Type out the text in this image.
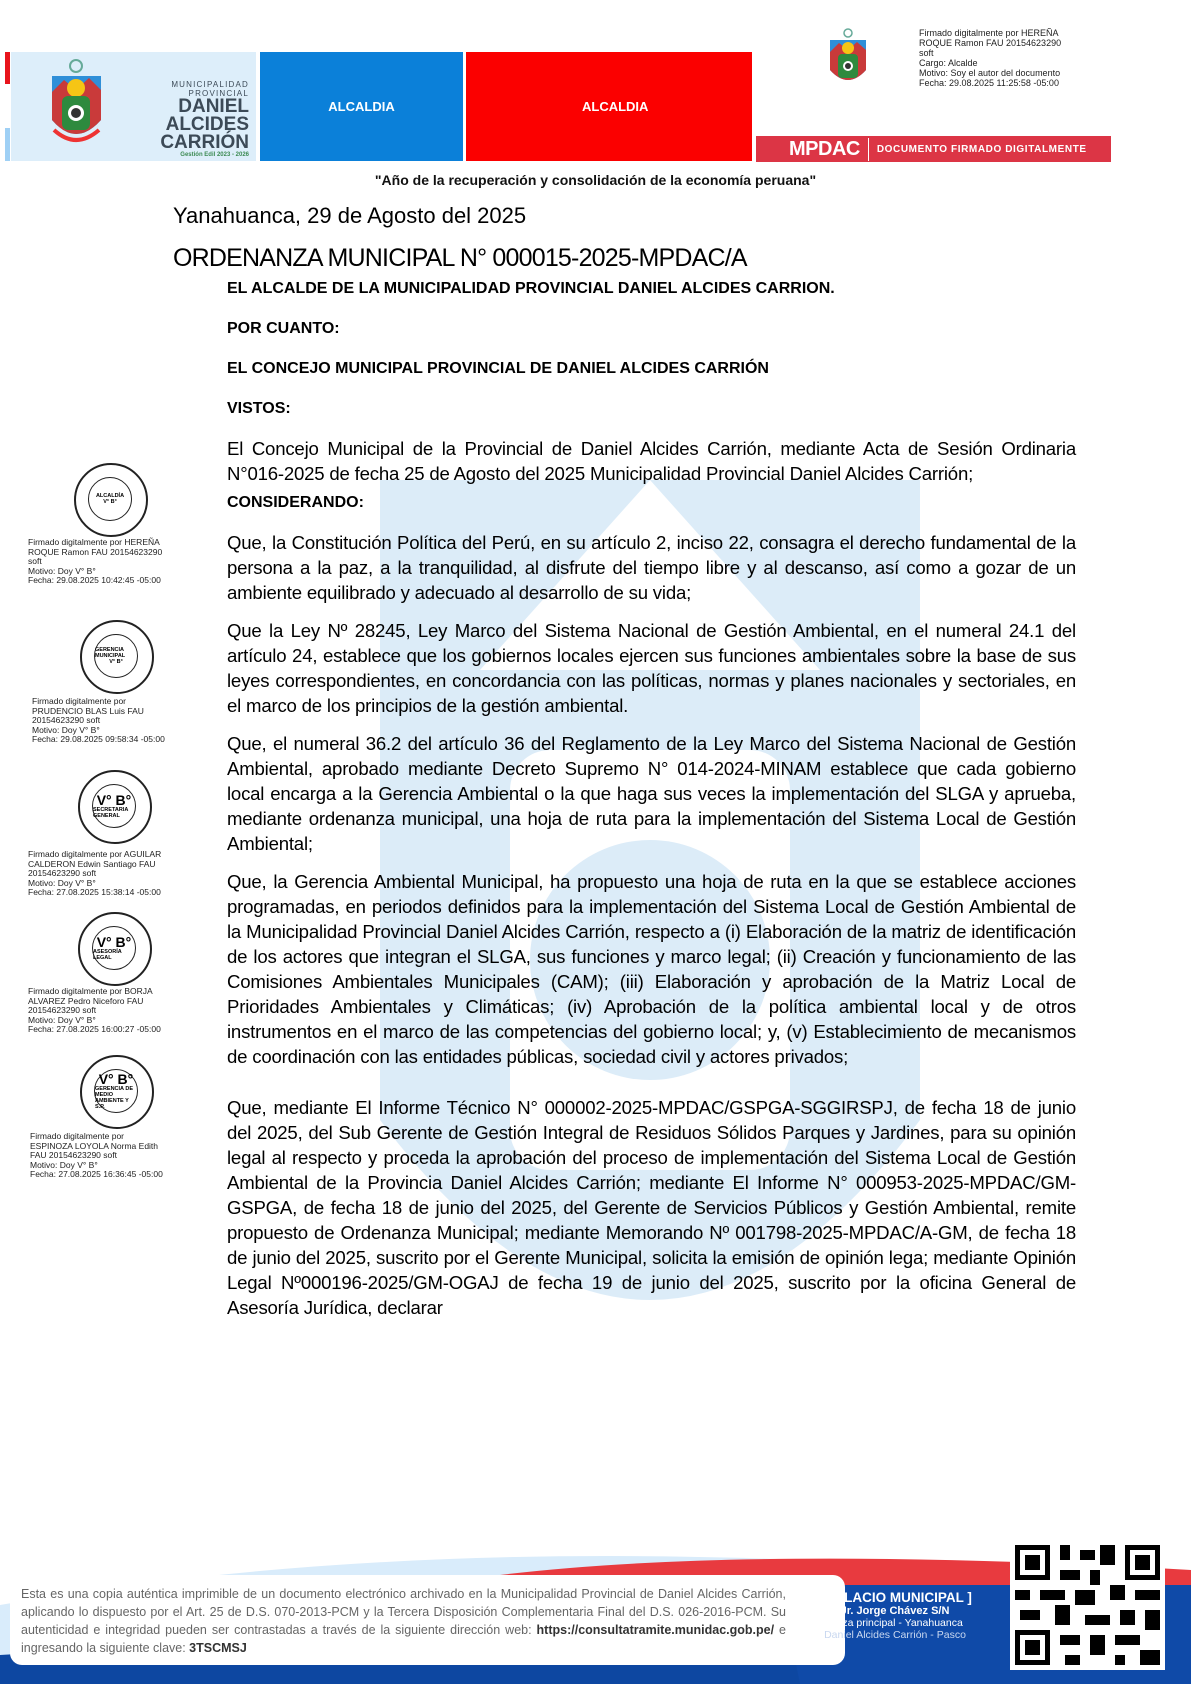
MUNICIPALIDAD PROVINCIAL
DANIEL ALCIDES
CARRIÓN
Gestión Edil 2023 - 2026
ALCALDIA	ALCALDIA
Firmado digitalmente por HEREÑA
ROQUE Ramon FAU 20154623290
soft
Cargo: Alcalde
Motivo: Soy el autor del documento
Fecha: 29.08.2025 11:25:58 -05:00
MPDAC	DOCUMENTO FIRMADO DIGITALMENTE
"Año de la recuperación y consolidación de la economía peruana"
Yanahuanca, 29 de Agosto del 2025
ORDENANZA MUNICIPAL N° 000015-2025-MPDAC/A

EL ALCALDE DE LA MUNICIPALIDAD PROVINCIAL DANIEL ALCIDES CARRION.

POR CUANTO:

EL CONCEJO MUNICIPAL PROVINCIAL DE DANIEL ALCIDES CARRIÓN

VISTOS:

El Concejo Municipal de la Provincial de Daniel Alcides Carrión, mediante Acta de Sesión Ordinaria N°016-2025 de fecha 25 de Agosto del 2025 Municipalidad Provincial Daniel Alcides Carrión;

CONSIDERANDO:

Que, la Constitución Política del Perú, en su artículo 2, inciso 22, consagra el derecho fundamental de la persona a la paz, a la tranquilidad, al disfrute del tiempo libre y al descanso, así como a gozar de un ambiente equilibrado y adecuado al desarrollo de su vida;

Que la Ley Nº 28245, Ley Marco del Sistema Nacional de Gestión Ambiental, en el numeral 24.1 del artículo 24, establece que los gobiernos locales ejercen sus funciones ambientales sobre la base de sus leyes correspondientes, en concordancia con las políticas, normas y planes nacionales y sectoriales, en el marco de los principios de la gestión ambiental.

Que, el numeral 36.2 del artículo 36 del Reglamento de la Ley Marco del Sistema Nacional de Gestión Ambiental, aprobado mediante Decreto Supremo N° 014-2024-MINAM establece que cada gobierno local encarga a la Gerencia Ambiental o la que haga sus veces la implementación del SLGA y aprueba, mediante ordenanza municipal, una hoja de ruta para la implementación del Sistema Local de Gestión Ambiental;

Que, la Gerencia Ambiental Municipal, ha propuesto una hoja de ruta en la que se establece acciones programadas, en periodos definidos para la implementación del Sistema Local de Gestión Ambiental de la Municipalidad Provincial Daniel Alcides Carrión, respecto a (i) Elaboración de la matriz de identificación de los actores que integran el SLGA, sus funciones y marco legal; (ii) Creación y funcionamiento de las Comisiones Ambientales Municipales (CAM); (iii) Elaboración y aprobación de la Matriz Local de Prioridades Ambientales y Climáticas; (iv) Aprobación de la política ambiental local y de otros instrumentos en el marco de las competencias del gobierno local; y, (v) Establecimiento de mecanismos de coordinación con las entidades públicas, sociedad civil y actores privados;

Que, mediante El Informe Técnico N° 000002-2025-MPDAC/GSPGA-SGGIRSPJ, de fecha 18 de junio del 2025, del Sub Gerente de Gestión Integral de Residuos Sólidos Parques y Jardines, para su opinión legal al respecto y proceda la aprobación del proceso de implementación del Sistema Local de Gestión Ambiental de la Provincia Daniel Alcides Carrión; mediante El Informe N° 000953-2025-MPDAC/GM-GSPGA, de fecha 18 de junio del 2025, del Gerente de Servicios Públicos y Gestión Ambiental, remite propuesto de Ordenanza Municipal; mediante Memorando Nº 001798-2025-MPDAC/A-GM, de fecha 18 de junio del 2025, suscrito por el Gerente Municipal, solicita la emisión de opinión lega; mediante Opinión Legal Nº000196-2025/GM-OGAJ de fecha 19 de junio del 2025, suscrito por la oficina General de Asesoría Jurídica, declarar

ALCALDÍA
V° B°
Firmado digitalmente por HEREÑA
ROQUE Ramon FAU 20154623290
soft
Motivo: Doy V° B°
Fecha: 29.08.2025 10:42:45 -05:00
GERENCIA MUNICIPAL
V° B°
Firmado digitalmente por
PRUDENCIO BLAS Luis FAU
20154623290 soft
Motivo: Doy V° B°
Fecha: 29.08.2025 09:58:34 -05:00
V° B°
SECRETARIA GENERAL
Firmado digitalmente por AGUILAR
CALDERON Edwin Santiago FAU
20154623290 soft
Motivo: Doy V° B°
Fecha: 27.08.2025 15:38:14 -05:00
V° B°
ASESORÍA LEGAL
Firmado digitalmente por BORJA
ALVAREZ Pedro Niceforo FAU
20154623290 soft
Motivo: Doy V° B°
Fecha: 27.08.2025 16:00:27 -05:00
V° B°
GERENCIA DE MEDIO AMBIENTE Y S.P.
Firmado digitalmente por
ESPINOZA LOYOLA Norma Edith
FAU 20154623290 soft
Motivo: Doy V° B°
Fecha: 27.08.2025 16:36:45 -05:00
Esta es una copia auténtica imprimible de un documento electrónico archivado en la Municipalidad Provincial de Daniel Alcides Carrión, aplicando lo dispuesto por el Art. 25 de D.S. 070-2013-PCM y la Tercera Disposición Complementaria Final del D.S. 026-2016-PCM. Su autenticidad e integridad pueden ser contrastadas a través de la siguiente dirección web: https://consultatramite.munidac.gob.pe/ e ingresando la siguiente clave: 3TSCMSJ
[ PALACIO MUNICIPAL ]
Jr. Jorge Chávez S/N
Plaza principal - Yanahuanca
Daniel Alcides Carrión - Pasco
